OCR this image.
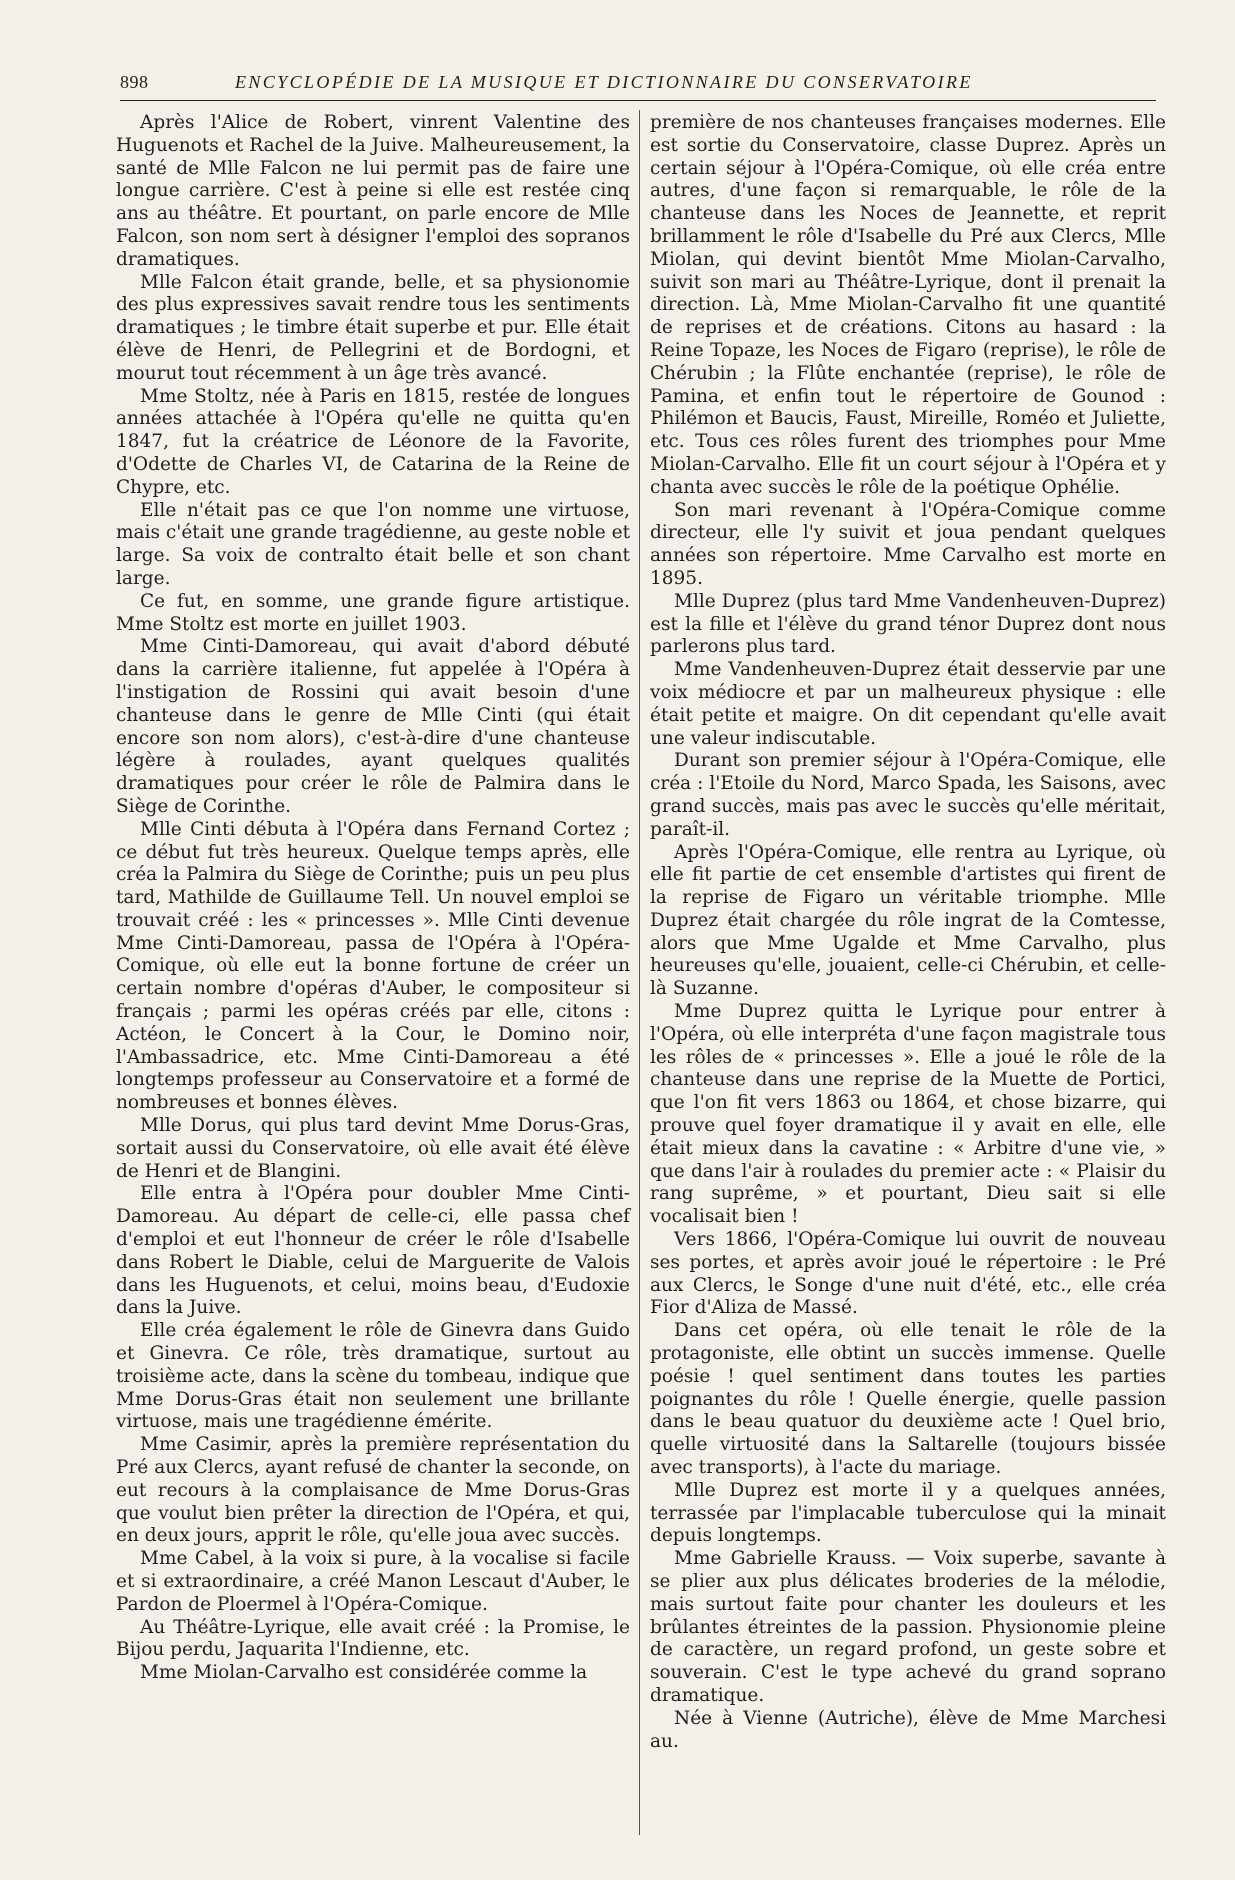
898	ENCYCLOPÉDIE DE LA MUSIQUE ET DICTIONNAIRE DU CONSERVATOIRE

Après l'Alice de Robert, vinrent Valentine des Huguenots et Rachel de la Juive. Malheureusement, la santé de Mlle Falcon ne lui permit pas de faire une longue carrière. C'est à peine si elle est restée cinq ans au théâtre. Et pourtant, on parle encore de Mlle Falcon, son nom sert à désigner l'emploi des sopranos dramatiques.

Mlle Falcon était grande, belle, et sa physionomie des plus expressives savait rendre tous les sentiments dramatiques ; le timbre était superbe et pur. Elle était élève de Henri, de Pellegrini et de Bordogni, et mourut tout récemment à un âge très avancé.

Mme Stoltz, née à Paris en 1815, restée de longues années attachée à l'Opéra qu'elle ne quitta qu'en 1847, fut la créatrice de Léonore de la Favorite, d'Odette de Charles VI, de Catarina de la Reine de Chypre, etc.

Elle n'était pas ce que l'on nomme une virtuose, mais c'était une grande tragédienne, au geste noble et large. Sa voix de contralto était belle et son chant large.

Ce fut, en somme, une grande figure artistique. Mme Stoltz est morte en juillet 1903.

Mme Cinti-Damoreau, qui avait d'abord débuté dans la carrière italienne, fut appelée à l'Opéra à l'instigation de Rossini qui avait besoin d'une chanteuse dans le genre de Mlle Cinti (qui était encore son nom alors), c'est-à-dire d'une chanteuse légère à roulades, ayant quelques qualités dramatiques pour créer le rôle de Palmira dans le Siège de Corinthe.

Mlle Cinti débuta à l'Opéra dans Fernand Cortez ; ce début fut très heureux. Quelque temps après, elle créa la Palmira du Siège de Corinthe; puis un peu plus tard, Mathilde de Guillaume Tell. Un nouvel emploi se trouvait créé : les « princesses ». Mlle Cinti devenue Mme Cinti-Damoreau, passa de l'Opéra à l'Opéra-Comique, où elle eut la bonne fortune de créer un certain nombre d'opéras d'Auber, le compositeur si français ; parmi les opéras créés par elle, citons : Actéon, le Concert à la Cour, le Domino noir, l'Ambassadrice, etc. Mme Cinti-Damoreau a été longtemps professeur au Conservatoire et a formé de nombreuses et bonnes élèves.

Mlle Dorus, qui plus tard devint Mme Dorus-Gras, sortait aussi du Conservatoire, où elle avait été élève de Henri et de Blangini.

Elle entra à l'Opéra pour doubler Mme Cinti-Damoreau. Au départ de celle-ci, elle passa chef d'emploi et eut l'honneur de créer le rôle d'Isabelle dans Robert le Diable, celui de Marguerite de Valois dans les Huguenots, et celui, moins beau, d'Eudoxie dans la Juive.

Elle créa également le rôle de Ginevra dans Guido et Ginevra. Ce rôle, très dramatique, surtout au troisième acte, dans la scène du tombeau, indique que Mme Dorus-Gras était non seulement une brillante virtuose, mais une tragédienne émérite.

Mme Casimir, après la première représentation du Pré aux Clercs, ayant refusé de chanter la seconde, on eut recours à la complaisance de Mme Dorus-Gras que voulut bien prêter la direction de l'Opéra, et qui, en deux jours, apprit le rôle, qu'elle joua avec succès.

Mme Cabel, à la voix si pure, à la vocalise si facile et si extraordinaire, a créé Manon Lescaut d'Auber, le Pardon de Ploermel à l'Opéra-Comique.

Au Théâtre-Lyrique, elle avait créé : la Promise, le Bijou perdu, Jaquarita l'Indienne, etc.

Mme Miolan-Carvalho est considérée comme la

première de nos chanteuses françaises modernes. Elle est sortie du Conservatoire, classe Duprez. Après un certain séjour à l'Opéra-Comique, où elle créa entre autres, d'une façon si remarquable, le rôle de la chanteuse dans les Noces de Jeannette, et reprit brillamment le rôle d'Isabelle du Pré aux Clercs, Mlle Miolan, qui devint bientôt Mme Miolan-Carvalho, suivit son mari au Théâtre-Lyrique, dont il prenait la direction. Là, Mme Miolan-Carvalho fit une quantité de reprises et de créations. Citons au hasard : la Reine Topaze, les Noces de Figaro (reprise), le rôle de Chérubin ; la Flûte enchantée (reprise), le rôle de Pamina, et enfin tout le répertoire de Gounod : Philémon et Baucis, Faust, Mireille, Roméo et Juliette, etc. Tous ces rôles furent des triomphes pour Mme Miolan-Carvalho. Elle fit un court séjour à l'Opéra et y chanta avec succès le rôle de la poétique Ophélie.

Son mari revenant à l'Opéra-Comique comme directeur, elle l'y suivit et joua pendant quelques années son répertoire. Mme Carvalho est morte en 1895.

Mlle Duprez (plus tard Mme Vandenheuven-Duprez) est la fille et l'élève du grand ténor Duprez dont nous parlerons plus tard.

Mme Vandenheuven-Duprez était desservie par une voix médiocre et par un malheureux physique : elle était petite et maigre. On dit cependant qu'elle avait une valeur indiscutable.

Durant son premier séjour à l'Opéra-Comique, elle créa : l'Etoile du Nord, Marco Spada, les Saisons, avec grand succès, mais pas avec le succès qu'elle méritait, paraît-il.

Après l'Opéra-Comique, elle rentra au Lyrique, où elle fit partie de cet ensemble d'artistes qui firent de la reprise de Figaro un véritable triomphe. Mlle Duprez était chargée du rôle ingrat de la Comtesse, alors que Mme Ugalde et Mme Carvalho, plus heureuses qu'elle, jouaient, celle-ci Chérubin, et celle-là Suzanne.

Mme Duprez quitta le Lyrique pour entrer à l'Opéra, où elle interpréta d'une façon magistrale tous les rôles de « princesses ». Elle a joué le rôle de la chanteuse dans une reprise de la Muette de Portici, que l'on fit vers 1863 ou 1864, et chose bizarre, qui prouve quel foyer dramatique il y avait en elle, elle était mieux dans la cavatine : « Arbitre d'une vie, » que dans l'air à roulades du premier acte : « Plaisir du rang suprême, » et pourtant, Dieu sait si elle vocalisait bien !

Vers 1866, l'Opéra-Comique lui ouvrit de nouveau ses portes, et après avoir joué le répertoire : le Pré aux Clercs, le Songe d'une nuit d'été, etc., elle créa Fior d'Aliza de Massé.

Dans cet opéra, où elle tenait le rôle de la protagoniste, elle obtint un succès immense. Quelle poésie ! quel sentiment dans toutes les parties poignantes du rôle ! Quelle énergie, quelle passion dans le beau quatuor du deuxième acte ! Quel brio, quelle virtuosité dans la Saltarelle (toujours bissée avec transports), à l'acte du mariage.

Mlle Duprez est morte il y a quelques années, terrassée par l'implacable tuberculose qui la minait depuis longtemps.

Mme Gabrielle Krauss. — Voix superbe, savante à se plier aux plus délicates broderies de la mélodie, mais surtout faite pour chanter les douleurs et les brûlantes étreintes de la passion. Physionomie pleine de caractère, un regard profond, un geste sobre et souverain. C'est le type achevé du grand soprano dramatique.

Née à Vienne (Autriche), élève de Mme Marchesi au.
